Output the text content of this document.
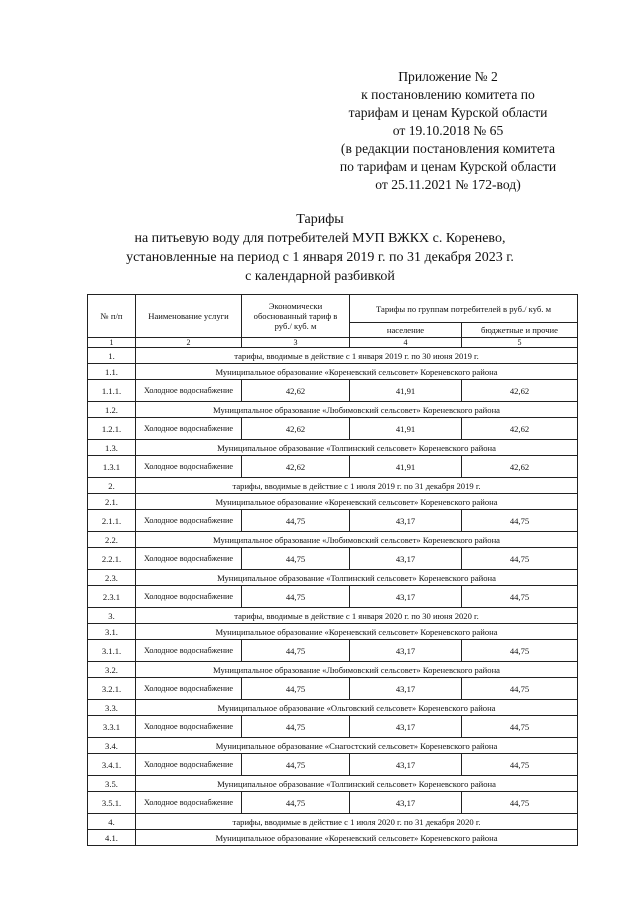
Приложение № 2
к постановлению комитета по
тарифам и ценам Курской области
от 19.10.2018 № 65
(в редакции постановления комитета
по тарифам и ценам Курской области
от 25.11.2021 № 172-вод)
Тарифы
на питьевую воду для потребителей МУП ВЖКХ с. Кореневo,
установленные на период с 1 января 2019 г. по 31 декабря 2023 г.
с календарной разбивкой
№ п/п	Наименование услуги	Экономически обоснованный тариф в руб./ куб. м	Тарифы по группам потребителей в руб./ куб. м	
			население	бюджетные и прочие
1	2	3	4	5
1.	тарифы, вводимые в действие с 1 января 2019 г. по 30 июня 2019 г.			
1.1.	Муниципальное образование «Кореневский сельсовет» Кореневского района			
1.1.1.	Холодное водоснабжение	42,62	41,91	42,62
1.2.	Муниципальное образование «Любимовский сельсовет» Кореневского района			
1.2.1.	Холодное водоснабжение	42,62	41,91	42,62
1.3.	Муниципальное образование «Толпинский сельсовет» Кореневского района			
1.3.1	Холодное водоснабжение	42,62	41,91	42,62
2.	тарифы, вводимые в действие с 1 июля 2019 г. по 31 декабря 2019 г.			
2.1.	Муниципальное образование «Кореневский сельсовет» Кореневского района			
2.1.1.	Холодное водоснабжение	44,75	43,17	44,75
2.2.	Муниципальное образование «Любимовский сельсовет» Кореневского района			
2.2.1.	Холодное водоснабжение	44,75	43,17	44,75
2.3.	Муниципальное образование «Толпинский сельсовет» Кореневского района			
2.3.1	Холодное водоснабжение	44,75	43,17	44,75
3.	тарифы, вводимые в действие с 1 января 2020 г. по 30 июня 2020 г.			
3.1.	Муниципальное образование «Кореневский сельсовет» Кореневского района			
3.1.1.	Холодное водоснабжение	44,75	43,17	44,75
3.2.	Муниципальное образование «Любимовский сельсовет» Кореневского района			
3.2.1.	Холодное водоснабжение	44,75	43,17	44,75
3.3.	Муниципальное образование «Ольговский сельсовет» Кореневского района			
3.3.1	Холодное водоснабжение	44,75	43,17	44,75
3.4.	Муниципальное образование «Снагостский сельсовет» Кореневского района			
3.4.1.	Холодное водоснабжение	44,75	43,17	44,75
3.5.	Муниципальное образование «Толпинский сельсовет» Кореневского района			
3.5.1.	Холодное водоснабжение	44,75	43,17	44,75
4.	тарифы, вводимые в действие с 1 июля 2020 г. по 31 декабря 2020 г.			
4.1.	Муниципальное образование «Кореневский сельсовет» Кореневского района			
